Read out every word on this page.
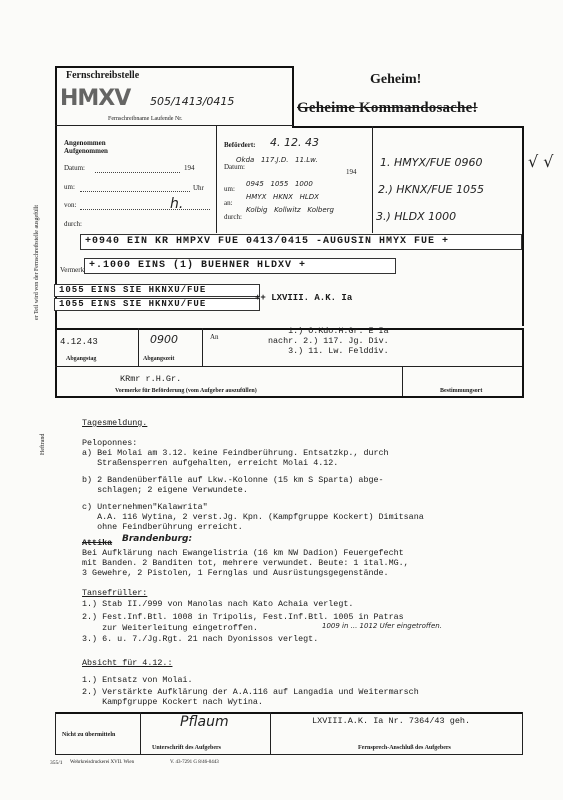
er Teil wird von der Fernschreibstelle ausgefüllt
Heftrand
Fernschreibstelle
HMXV 505/1413/0415
Fernschreibname Laufende Nr.
Geheim!
Geheime Kommandosache!
Angenommen
Aufgenommen
Datum:	194
um:	Uhr
von:	h.
durch:
Befördert: 4. 12. 43
Datum:
Okda   117.J.D.   11.Lw.
194
um:
0945   1055   1000
an:
HMYX   HKNX   HLDX
durch:
Kolbig   Kollwitz   Kolberg
1. HMYX/FUE 0960
2.) HKNX/FUE 1055
3.) HLDX 1000
√ √
+0940 EIN KR HMPXV FUE 0413/0415 -AUGUSIN HMYX FUE +
Vermerk +.1000 EINS (1) BUEHNER HLDXV +
1055 EINS SIE HKNXU/FUE
1055 EINS SIE HKNXU/FUE
++ LXVIII. A.K. Ia
4.12.43	0900
Abgangstag	Abgangszeit
An
1.) O.Kdo.H.Gr. E Ia
nachr. 2.) 117. Jg. Div.
3.) 11. Lw. Felddiv.
KRmr r.H.Gr.
Vormerke für Beförderung (vom Aufgeber auszufüllen)	Bestimmungsort
Tagesmeldung.
Peloponnes:
a) Bei Molai am 3.12. keine Feindberührung. Entsatzkp., durch
Straßensperren aufgehalten, erreicht Molai 4.12.
b) 2 Bandenüberfälle auf Lkw.-Kolonne (15 km S Sparta) abge-
schlagen; 2 eigene Verwundete.
c) Unternehmen"Kalawrita"
A.A. 116 Wytina, 2 verst.Jg. Kpn. (Kampfgruppe Kockert) Dimitsana
ohne Feindberührung erreicht.
Attika Brandenburg:
Bei Aufklärung nach Ewangelistria (16 km NW Dadion) Feuergefecht
mit Banden. 2 Banditen tot, mehrere verwundet. Beute: 1 ital.MG.,
3 Gewehre, 2 Pistolen, 1 Fernglas und Ausrüstungsgegenstände.
Tansefrüller:
1.) Stab II./999 von Manolas nach Kato Achaia verlegt.
2.) Fest.Inf.Btl. 1008 in Tripolis, Fest.Inf.Btl. 1005 in Patras
zur Weiterleitung eingetroffen.	1009 in ... 1012 Ufer eingetroffen.
3.) 6. u. 7./Jg.Rgt. 21 nach Dyonissos verlegt.
Absicht für 4.12.:
1.) Entsatz von Molai.
2.) Verstärkte Aufklärung der A.A.116 auf Langadia und Weitermarsch
Kampfgruppe Kockert nach Wytina.
Pflaum
Nicht zu übermitteln
Unterschrift des Aufgebers
LXVIII.A.K. Ia Nr. 7364/43 geh.
Fernsprech-Anschluß des Aufgebers
355/1 Wehrkreisdruckerei XVII. Wien	V. 43-7291 G 8/46-0443
